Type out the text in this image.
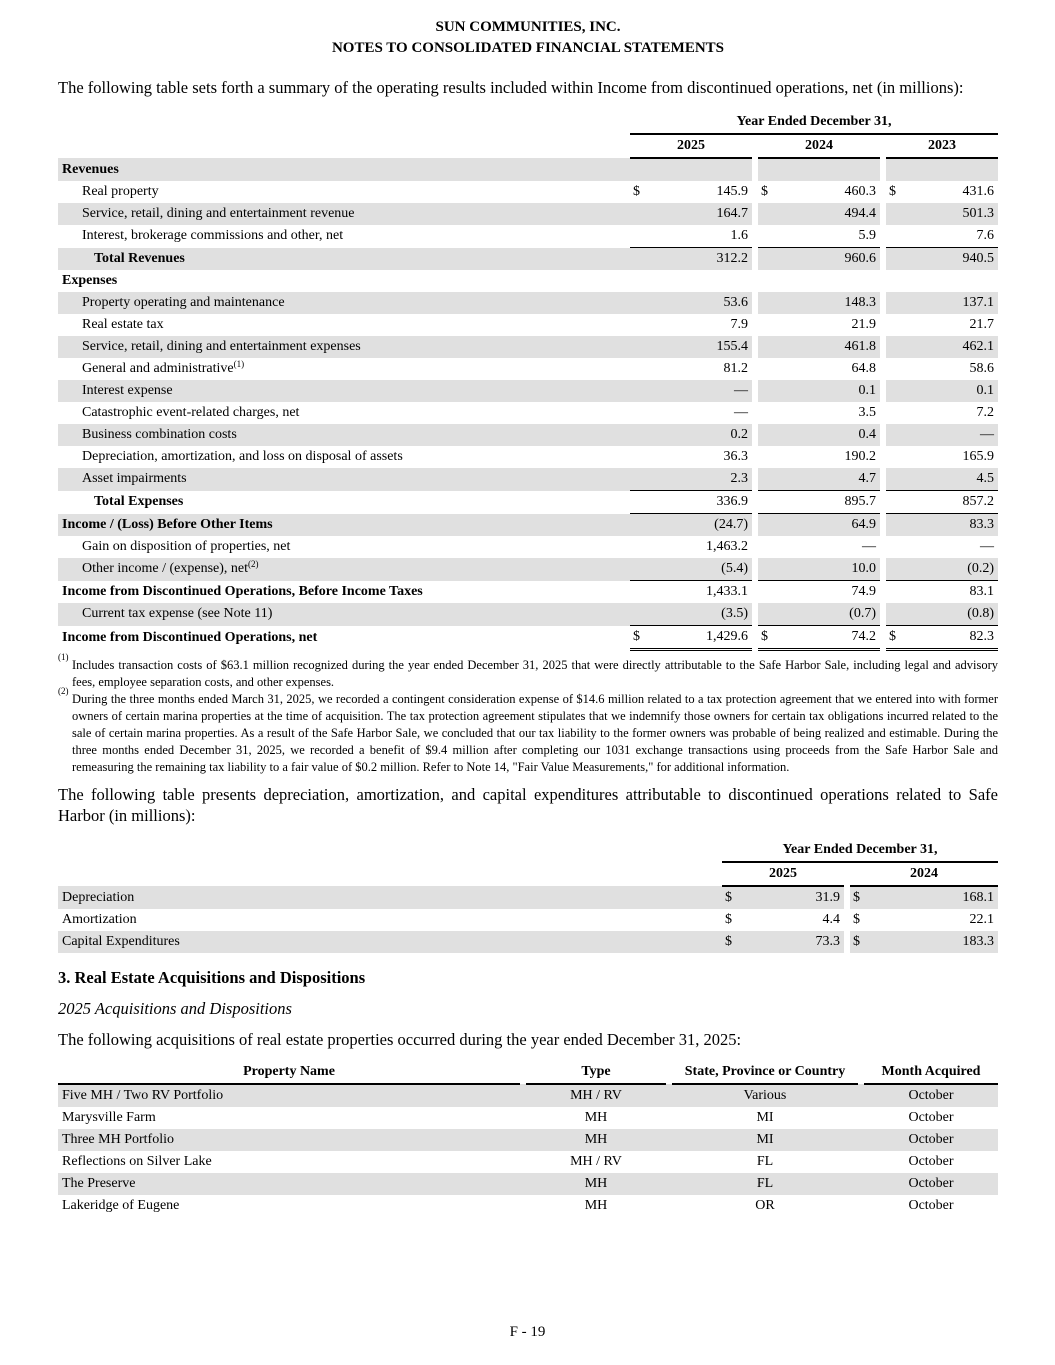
SUN COMMUNITIES, INC.
NOTES TO CONSOLIDATED FINANCIAL STATEMENTS

The following table sets forth a summary of the operating results included within Income from discontinued operations, net (in millions):

	Year Ended December 31,							
	2025			2024			2023	
Revenues								
Real property	$	145.9		$	460.3		$	431.6
Service, retail, dining and entertainment revenue		164.7			494.4			501.3
Interest, brokerage commissions and other, net		1.6			5.9			7.6
Total Revenues		312.2			960.6			940.5
Expenses								
Property operating and maintenance		53.6			148.3			137.1
Real estate tax		7.9			21.9			21.7
Service, retail, dining and entertainment expenses		155.4			461.8			462.1
General and administrative$^{(1)}$		81.2			64.8			58.6
Interest expense		—			0.1			0.1
Catastrophic event-related charges, net		—			3.5			7.2
Business combination costs		0.2			0.4			—
Depreciation, amortization, and loss on disposal of assets		36.3			190.2			165.9
Asset impairments		2.3			4.7			4.5
Total Expenses		336.9			895.7			857.2
Income / (Loss) Before Other Items		(24.7)			64.9			83.3
Gain on disposition of properties, net		1,463.2			—			—
Other income / (expense), net$^{(2)}$		(5.4)			10.0			(0.2)
Income from Discontinued Operations, Before Income Taxes		1,433.1			74.9			83.1
Current tax expense (see Note 11)		(3.5)			(0.7)			(0.8)
Income from Discontinued Operations, net	$	1,429.6		$	74.2		$	82.3
(1)
Includes transaction costs of $63.1 million recognized during the year ended December 31, 2025 that were directly attributable to the Safe Harbor Sale, including legal and advisory fees, employee separation costs, and other expenses.
(2)
During the three months ended March 31, 2025, we recorded a contingent consideration expense of $14.6 million related to a tax protection agreement that we entered into with former owners of certain marina properties at the time of acquisition. The tax protection agreement stipulates that we indemnify those owners for certain tax obligations incurred related to the sale of certain marina properties. As a result of the Safe Harbor Sale, we concluded that our tax liability to the former owners was probable of being realized and estimable. During the three months ended December 31, 2025, we recorded a benefit of $9.4 million after completing our 1031 exchange transactions using proceeds from the Safe Harbor Sale and remeasuring the remaining tax liability to a fair value of $0.2 million. Refer to Note 14, "Fair Value Measurements," for additional information.

The following table presents depreciation, amortization, and capital expenditures attributable to discontinued operations related to Safe Harbor (in millions):

	Year Ended December 31,				
	2025			2024	
Depreciation	$	31.9		$	168.1
Amortization	$	4.4		$	22.1
Capital Expenditures	$	73.3		$	183.3
3. Real Estate Acquisitions and Dispositions
2025 Acquisitions and Dispositions

The following acquisitions of real estate properties occurred during the year ended December 31, 2025:

Property Name		Type		State, Province or Country		Month Acquired
Five MH / Two RV Portfolio		MH / RV		Various		October
Marysville Farm		MH		MI		October
Three MH Portfolio		MH		MI		October
Reflections on Silver Lake		MH / RV		FL		October
The Preserve		MH		FL		October
Lakeridge of Eugene		MH		OR		October
F - 19
